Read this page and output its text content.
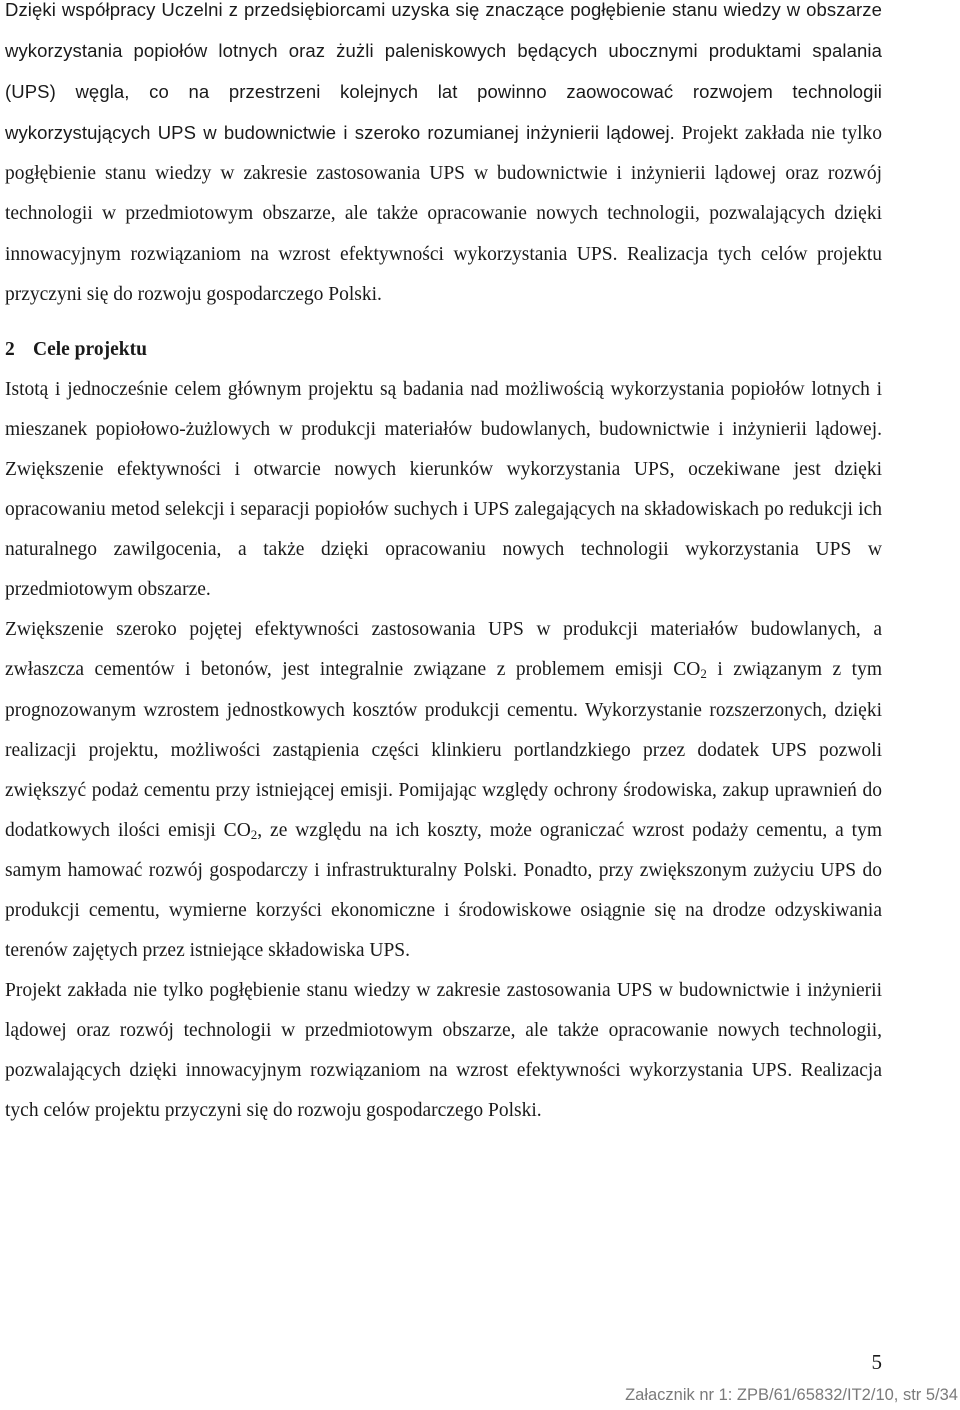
Dzięki współpracy Uczelni z przedsiębiorcami uzyska się znaczące pogłębienie stanu wiedzy w obszarze wykorzystania popiołów lotnych oraz żużli paleniskowych będących ubocznymi produktami spalania (UPS) węgla, co na przestrzeni kolejnych lat powinno zaowocować rozwojem technologii wykorzystujących UPS w budownictwie i szeroko rozumianej inżynierii lądowej. Projekt zakłada nie tylko pogłębienie stanu wiedzy w zakresie zastosowania UPS w budownictwie i inżynierii lądowej oraz rozwój technologii w przedmiotowym obszarze, ale także opracowanie nowych technologii, pozwalających dzięki innowacyjnym rozwiązaniom na wzrost efektywności wykorzystania UPS. Realizacja tych celów projektu przyczyni się do rozwoju gospodarczego Polski.

2 Cele projektu

Istotą i jednocześnie celem głównym projektu są badania nad możliwością wykorzystania popiołów lotnych i mieszanek popiołowo-żużlowych w produkcji materiałów budowlanych, budownictwie i inżynierii lądowej. Zwiększenie efektywności i otwarcie nowych kierunków wykorzystania UPS, oczekiwane jest dzięki opracowaniu metod selekcji i separacji popiołów suchych i UPS zalegających na składowiskach po redukcji ich naturalnego zawilgocenia, a także dzięki opracowaniu nowych technologii wykorzystania UPS w przedmiotowym obszarze.

Zwiększenie szeroko pojętej efektywności zastosowania UPS w produkcji materiałów budowlanych, a zwłaszcza cementów i betonów, jest integralnie związane z problemem emisji $CO_2$ i związanym z tym prognozowanym wzrostem jednostkowych kosztów produkcji cementu. Wykorzystanie rozszerzonych, dzięki realizacji projektu, możliwości zastąpienia części klinkieru portlandzkiego przez dodatek UPS pozwoli zwiększyć podaż cementu przy istniejącej emisji. Pomijając względy ochrony środowiska, zakup uprawnień do dodatkowych ilości emisji $CO_2$, ze względu na ich koszty, może ograniczać wzrost podaży cementu, a tym samym hamować rozwój gospodarczy i infrastrukturalny Polski. Ponadto, przy zwiększonym zużyciu UPS do produkcji cementu, wymierne korzyści ekonomiczne i środowiskowe osiągnie się na drodze odzyskiwania terenów zajętych przez istniejące składowiska UPS.

Projekt zakłada nie tylko pogłębienie stanu wiedzy w zakresie zastosowania UPS w budownictwie i inżynierii lądowej oraz rozwój technologii w przedmiotowym obszarze, ale także opracowanie nowych technologii, pozwalających dzięki innowacyjnym rozwiązaniom na wzrost efektywności wykorzystania UPS. Realizacja tych celów projektu przyczyni się do rozwoju gospodarczego Polski.

5
Załacznik nr 1: ZPB/61/65832/IT2/10, str 5/34
